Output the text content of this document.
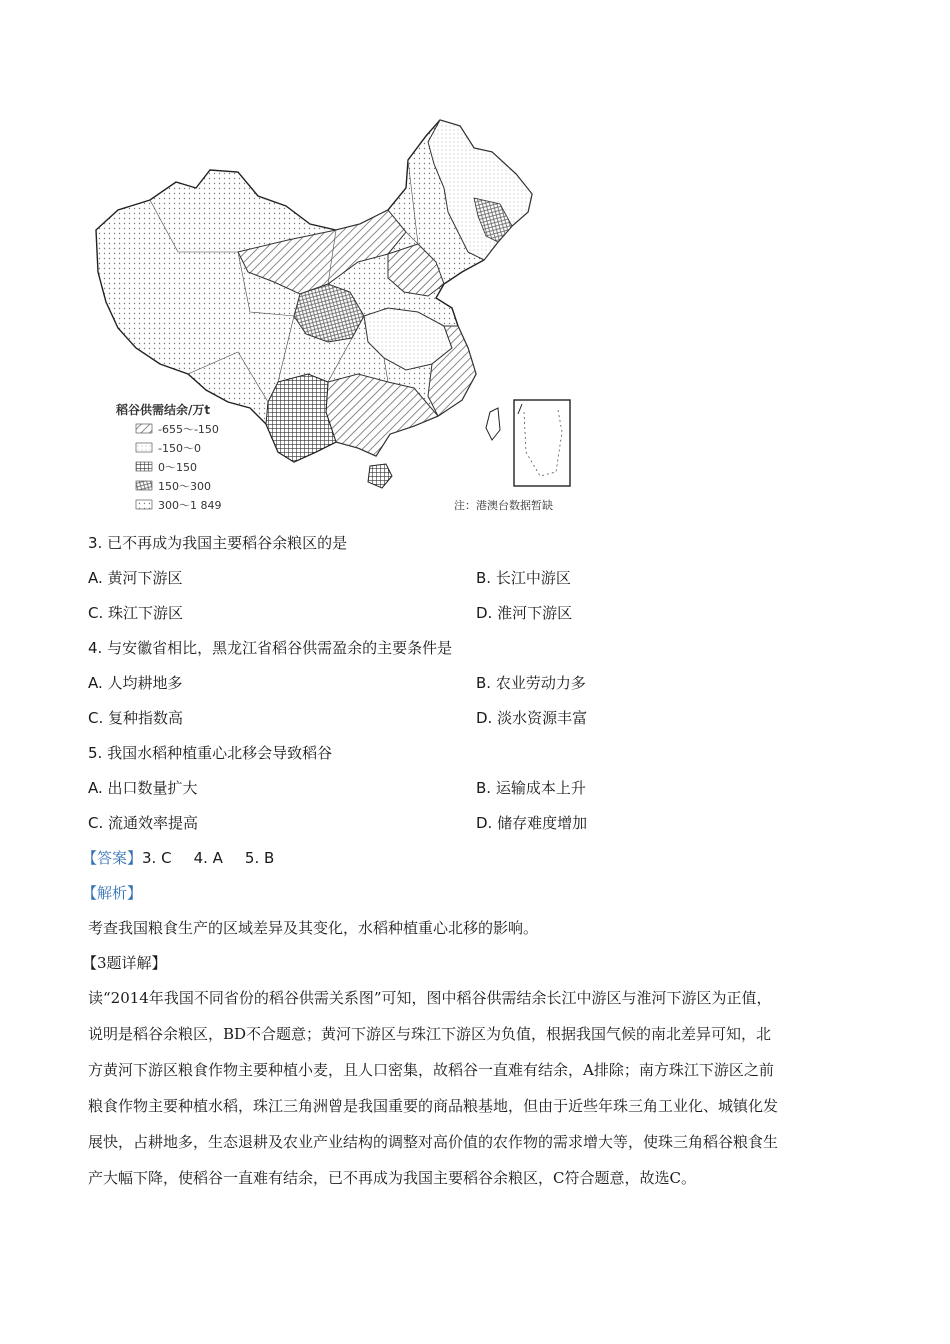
稻谷供需结余/万t
-655～-150
-150～0
0～150
150～300
300～1 849	注：港澳台数据暂缺
3. 已不再成为我国主要稻谷余粮区的是
A. 黄河下游区	B. 长江中游区
C. 珠江下游区	D. 淮河下游区
4. 与安徽省相比，黑龙江省稻谷供需盈余的主要条件是
A. 人均耕地多	B. 农业劳动力多
C. 复种指数高	D. 淡水资源丰富
5. 我国水稻种植重心北移会导致稻谷
A. 出口数量扩大	B. 运输成本上升
C. 流通效率提高	D. 储存难度增加
【答案】3. C 4. A 5. B
【解析】
考查我国粮食生产的区域差异及其变化，水稻种植重心北移的影响。
【3题详解】
读“2014年我国不同省份的稻谷供需关系图”可知，图中稻谷供需结余长江中游区与淮河下游区为正值，
说明是稻谷余粮区，BD不合题意；黄河下游区与珠江下游区为负值，根据我国气候的南北差异可知，北
方黄河下游区粮食作物主要种植小麦，且人口密集，故稻谷一直难有结余，A排除；南方珠江下游区之前
粮食作物主要种植水稻，珠江三角洲曾是我国重要的商品粮基地，但由于近些年珠三角工业化、城镇化发
展快，占耕地多，生态退耕及农业产业结构的调整对高价值的农作物的需求增大等，使珠三角稻谷粮食生
产大幅下降，使稻谷一直难有结余，已不再成为我国主要稻谷余粮区，C符合题意，故选C。
